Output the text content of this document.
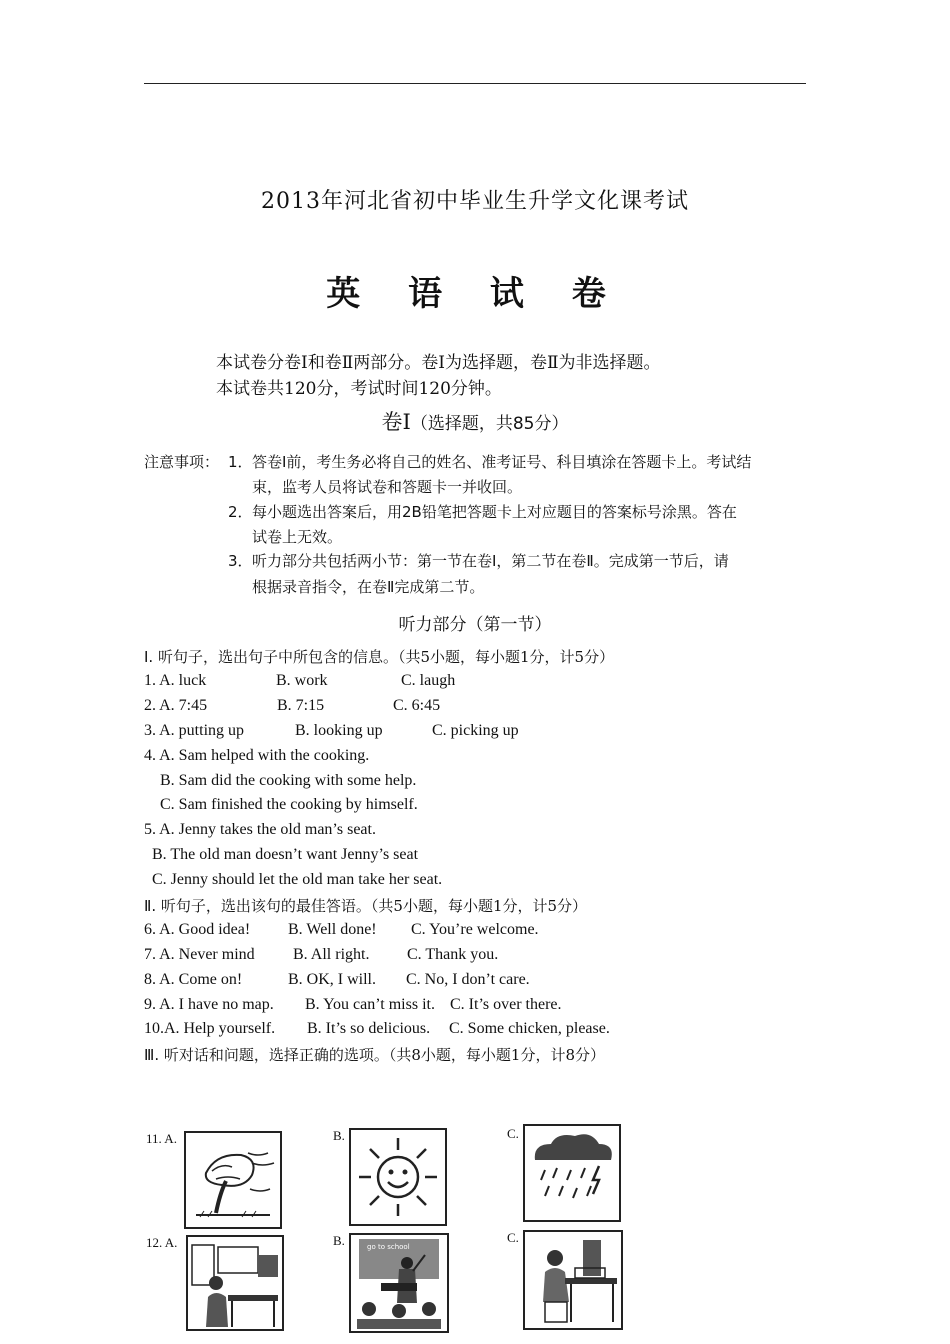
2013年河北省初中毕业生升学文化课考试
英 语 试 卷
本试卷分卷Ⅰ和卷Ⅱ两部分。卷Ⅰ为选择题，卷Ⅱ为非选择题。
本试卷共120分，考试时间120分钟。
卷I（选择题，共85分）
注意事项： 1． 答卷Ⅰ前，考生务必将自己的姓名、准考证号、科目填涂在答题卡上。考试结
束，监考人员将试卷和答题卡一并收回。
2． 每小题选出答案后，用2B铅笔把答题卡上对应题目的答案标号涂黑。答在
试卷上无效。
3． 听力部分共包括两小节：第一节在卷Ⅰ，第二节在卷Ⅱ。完成第一节后，请
根据录音指令，在卷Ⅱ完成第二节。
听力部分（第一节）
Ⅰ. 听句子，选出句子中所包含的信息。（共5小题，每小题1分，计5分）
1. A. luck	B. work	C. laugh
2. A. 7:45	B. 7:15	C. 6:45
3. A. putting up	B. looking up	C. picking up
4. A. Sam helped with the cooking.
B. Sam did the cooking with some help.
C. Sam finished the cooking by himself.
5. A. Jenny takes the old man’s seat.
B. The old man doesn’t want Jenny’s seat
C. Jenny should let the old man take her seat.
Ⅱ. 听句子，选出该句的最佳答语。（共5小题，每小题1分，计5分）
6. A. Good idea! B. Well done! C. You’re welcome.
7. A. Never mind B. All right. C. Thank you.
8. A. Come on!	B. OK, I will. C. No, I don’t care.
9. A. I have no map. B. You can’t miss it. C. It’s over there.
10.A. Help yourself. B. It’s so delicious. C. Some chicken, please.
Ⅲ. 听对话和问题，选择正确的选项。（共8小题，每小题1分，计8分）
11. A.	B.	C.
12. A.	B.	go to school
C.
